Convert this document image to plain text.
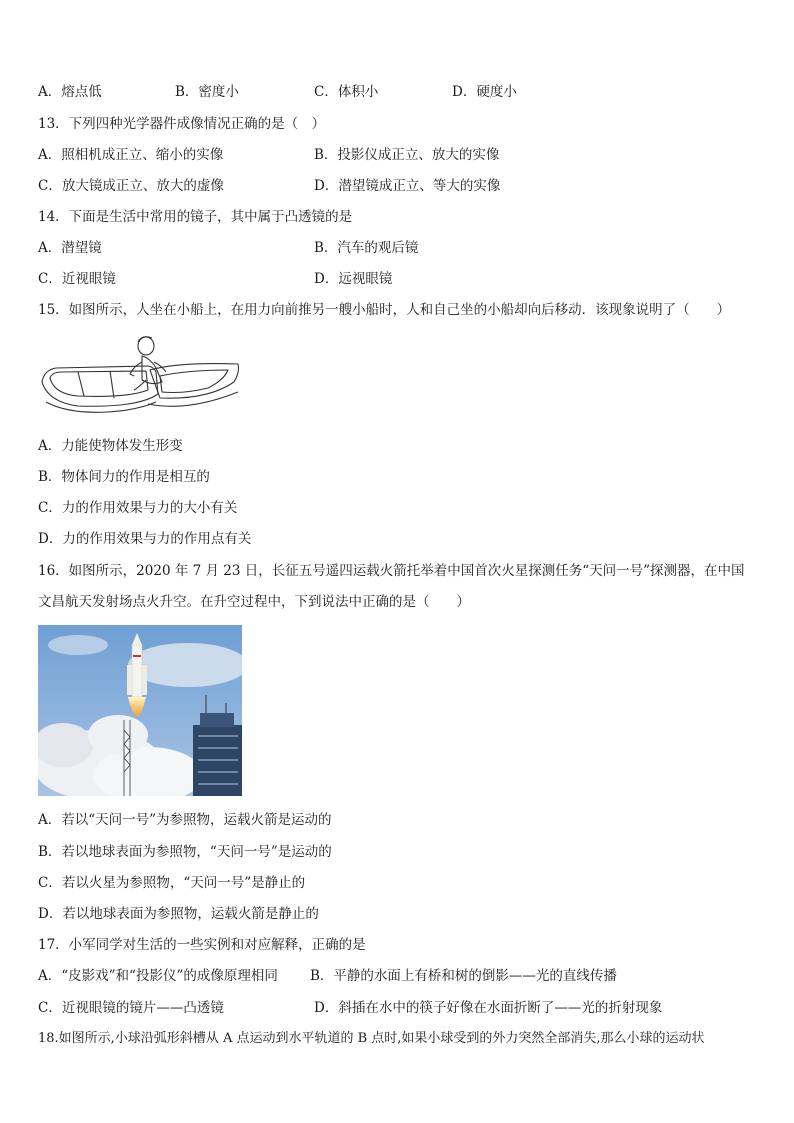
A．熔点低	B．密度小	C．体积小	D．硬度小
13．下列四种光学器件成像情况正确的是（　）
A．照相机成正立、缩小的实像	B．投影仪成正立、放大的实像
C．放大镜成正立、放大的虚像	D．潜望镜成正立、等大的实像
14．下面是生活中常用的镜子，其中属于凸透镜的是
A．潜望镜	B．汽车的观后镜
C．近视眼镜	D．远视眼镜
15．如图所示，人坐在小船上，在用力向前推另一艘小船时，人和自己坐的小船却向后移动．该现象说明了（　　）
A．力能使物体发生形变
B．物体间力的作用是相互的
C．力的作用效果与力的大小有关
D．力的作用效果与力的作用点有关
16．如图所示，2020 年 7 月 23 日，长征五号遥四运载火箭托举着中国首次火星探测任务“天问一号”探测器，在中国
文昌航天发射场点火升空。在升空过程中，下到说法中正确的是（　　）
A．若以“天问一号”为参照物，运载火箭是运动的
B．若以地球表面为参照物，“天问一号”是运动的
C．若以火星为参照物，“天问一号”是静止的
D．若以地球表面为参照物，运载火箭是静止的
17．小军同学对生活的一些实例和对应解释，正确的是
A．“皮影戏”和“投影仪”的成像原理相同 B．平静的水面上有桥和树的倒影——光的直线传播
C．近视眼镜的镜片——凸透镜	D．斜插在水中的筷子好像在水面折断了——光的折射现象
18.如图所示,小球沿弧形斜槽从 A 点运动到水平轨道的 B 点时,如果小球受到的外力突然全部消失,那么小球的运动状
